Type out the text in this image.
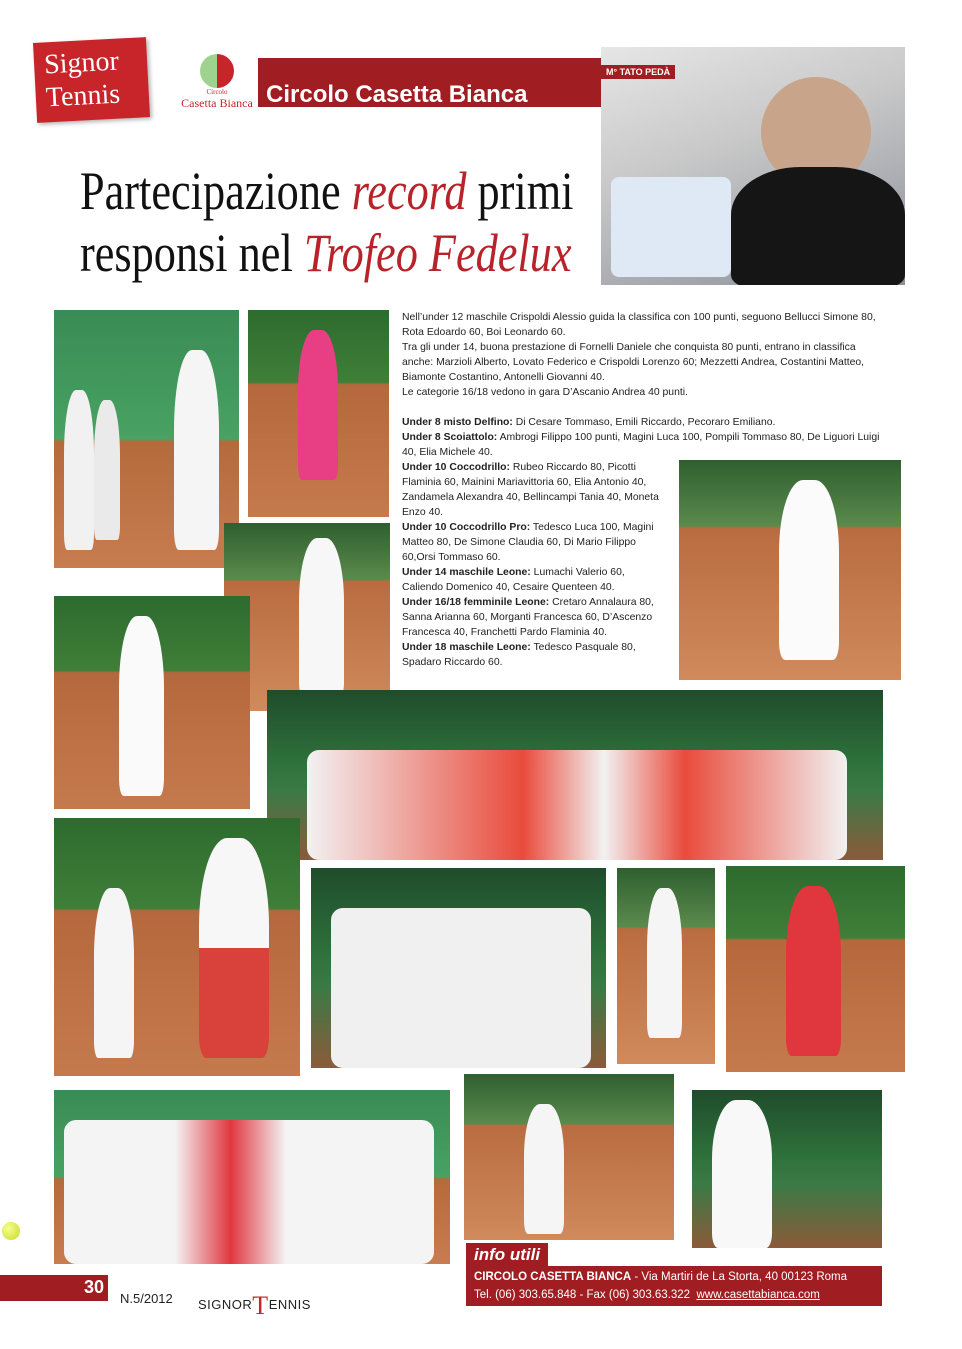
Signor
Tennis	Circolo
Casetta Bianca Circolo Casetta Bianca
M° TATO PEDÀ
Partecipazione record primi
responsi nel Trofeo Fedelux

Nell’under 12 maschile Crispoldi Alessio guida la classifica con 100 punti, seguono Bellucci Simone 80, Rota Edoardo 60, Boi Leonardo 60.

Tra gli under 14, buona prestazione di Fornelli Daniele che conquista 80 punti, entrano in classifica anche: Marzioli Alberto, Lovato Federico e Crispoldi Lorenzo 60; Mezzetti Andrea, Costantini Matteo, Biamonte Costantino, Antonelli Giovanni 40.

Le categorie 16/18 vedono in gara D’Ascanio Andrea 40 punti.

Under 8 misto Delfino: Di Cesare Tommaso, Emili Riccardo, Pecoraro Emiliano.

Under 8 Scoiattolo: Ambrogi Filippo 100 punti, Magini Luca 100, Pompili Tommaso 80, De Liguori Luigi 40, Elia Michele 40.

Under 10 Coccodrillo: Rubeo Riccardo 80, Picotti Flaminia 60, Mainini Mariavittoria 60, Elia Antonio 40, Zandamela Alexandra 40, Bellincampi Tania 40, Moneta Enzo 40.

Under 10 Coccodrillo Pro: Tedesco Luca 100, Magini Matteo 80, De Simone Claudia 60, Di Mario Filippo 60,Orsi Tommaso 60.

Under 14 maschile Leone: Lumachi Valerio 60, Caliendo Domenico 40, Cesaire Quenteen 40.

Under 16/18 femminile Leone: Cretaro Annalaura 80, Sanna Arianna 60, Morganti Francesca 60, D’Ascenzo Francesca 40, Franchetti Pardo Flaminia 40.

Under 18 maschile Leone: Tedesco Pasquale 80, Spadaro Riccardo 60.

info utili
CIRCOLO CASETTA BIANCA - Via Martiri de La Storta, 40 00123 Roma
Tel. (06) 303.65.848 - Fax (06) 303.63.322 www.casettabianca.com
30
N.5/2012 SIGNORTENNIS
